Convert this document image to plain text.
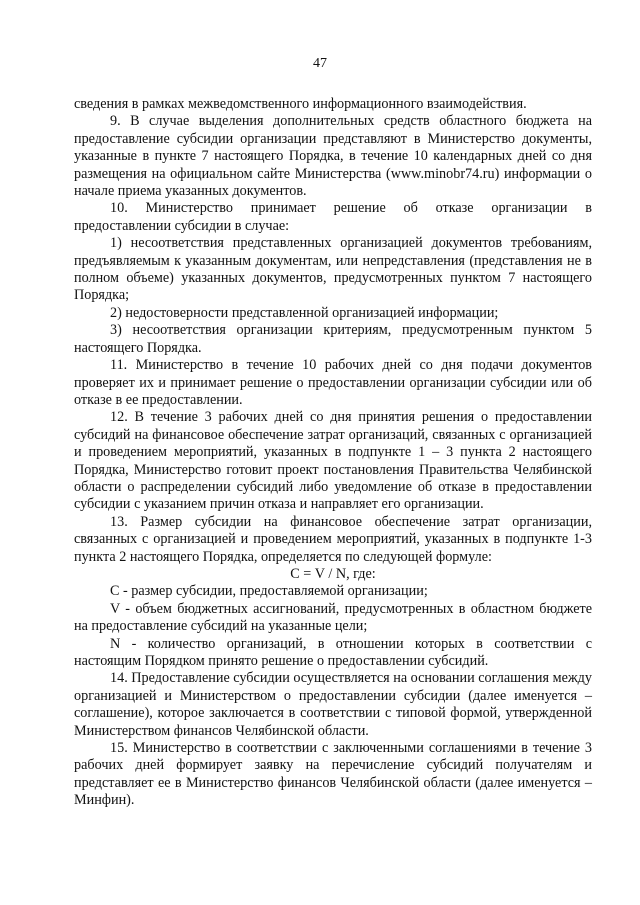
47

сведения в рамках межведомственного информационного взаимодействия.

9. В случае выделения дополнительных средств областного бюджета на предоставление субсидии организации представляют в Министерство документы, указанные в пункте 7 настоящего Порядка, в течение 10 календарных дней со дня размещения на официальном сайте Министерства (www.minobr74.ru) информации о начале приема указанных документов.

10. Министерство принимает решение об отказе организации в предоставлении субсидии в случае:

1) несоответствия представленных организацией документов требованиям, предъявляемым к указанным документам, или непредставления (представления не в полном объеме) указанных документов, предусмотренных пунктом 7 настоящего Порядка;

2) недостоверности представленной организацией информации;

3) несоответствия организации критериям, предусмотренным пунктом 5 настоящего Порядка.

11. Министерство в течение 10 рабочих дней со дня подачи документов проверяет их и принимает решение о предоставлении организации субсидии или об отказе в ее предоставлении.

12. В течение 3 рабочих дней со дня принятия решения о предоставлении субсидий на финансовое обеспечение затрат организаций, связанных с организацией и проведением мероприятий, указанных в подпункте 1 – 3 пункта 2 настоящего Порядка, Министерство готовит проект постановления Правительства Челябинской области о распределении субсидий либо уведомление об отказе в предоставлении субсидии с указанием причин отказа и направляет его организации.

13. Размер субсидии на финансовое обеспечение затрат организации, связанных с организацией и проведением мероприятий, указанных в подпункте 1-3 пункта 2 настоящего Порядка, определяется по следующей формуле:

С = V / N, где:

С - размер субсидии, предоставляемой организации;

V - объем бюджетных ассигнований, предусмотренных в областном бюджете на предоставление субсидий на указанные цели;

N - количество организаций, в отношении которых в соответствии с настоящим Порядком принято решение о предоставлении субсидий.

14. Предоставление субсидии осуществляется на основании соглашения между организацией и Министерством о предоставлении субсидии (далее именуется – соглашение), которое заключается в соответствии с типовой формой, утвержденной Министерством финансов Челябинской области.

15. Министерство в соответствии с заключенными соглашениями в течение 3 рабочих дней формирует заявку на перечисление субсидий получателям и представляет ее в Министерство финансов Челябинской области (далее именуется – Минфин).
